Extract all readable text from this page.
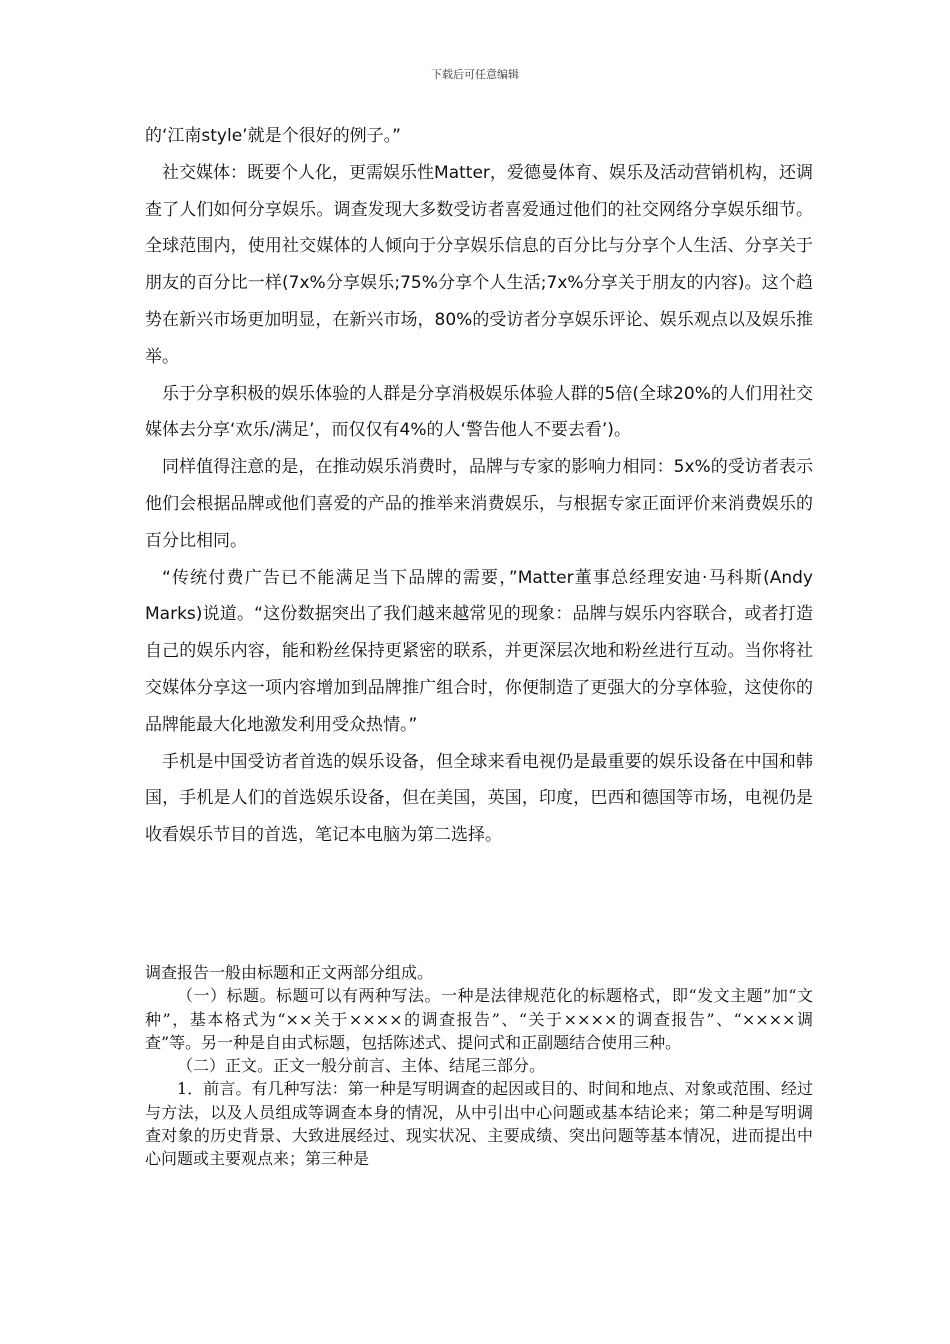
下载后可任意编辑

的‘江南style’就是个很好的例子。”

社交媒体：既要个人化，更需娱乐性Matter，爱德曼体育、娱乐及活动营销机构，还调查了人们如何分享娱乐。调查发现大多数受访者喜爱通过他们的社交网络分享娱乐细节。全球范围内，使用社交媒体的人倾向于分享娱乐信息的百分比与分享个人生活、分享关于朋友的百分比一样(7x%分享娱乐;75%分享个人生活;7x%分享关于朋友的内容)。这个趋势在新兴市场更加明显，在新兴市场，80%的受访者分享娱乐评论、娱乐观点以及娱乐推举。

乐于分享积极的娱乐体验的人群是分享消极娱乐体验人群的5倍(全球20%的人们用社交媒体去分享‘欢乐/满足’，而仅仅有4%的人‘警告他人不要去看’)。

同样值得注意的是，在推动娱乐消费时，品牌与专家的影响力相同：5x%的受访者表示他们会根据品牌或他们喜爱的产品的推举来消费娱乐，与根据专家正面评价来消费娱乐的百分比相同。

“传统付费广告已不能满足当下品牌的需要，”Matter董事总经理安迪·马科斯(Andy Marks)说道。“这份数据突出了我们越来越常见的现象：品牌与娱乐内容联合，或者打造自己的娱乐内容，能和粉丝保持更紧密的联系，并更深层次地和粉丝进行互动。当你将社交媒体分享这一项内容增加到品牌推广组合时，你便制造了更强大的分享体验，这使你的品牌能最大化地激发利用受众热情。”

手机是中国受访者首选的娱乐设备，但全球来看电视仍是最重要的娱乐设备在中国和韩国，手机是人们的首选娱乐设备，但在美国，英国，印度，巴西和德国等市场，电视仍是收看娱乐节目的首选，笔记本电脑为第二选择。

调查报告一般由标题和正文两部分组成。

（一）标题。标题可以有两种写法。一种是法律规范化的标题格式，即“发文主题”加“文种”，基本格式为“××关于××××的调查报告”、“关于××××的调查报告”、“××××调查”等。另一种是自由式标题，包括陈述式、提问式和正副题结合使用三种。

（二）正文。正文一般分前言、主体、结尾三部分。

1．前言。有几种写法：第一种是写明调查的起因或目的、时间和地点、对象或范围、经过与方法，以及人员组成等调查本身的情况，从中引出中心问题或基本结论来；第二种是写明调查对象的历史背景、大致进展经过、现实状况、主要成绩、突出问题等基本情况，进而提出中心问题或主要观点来；第三种是
